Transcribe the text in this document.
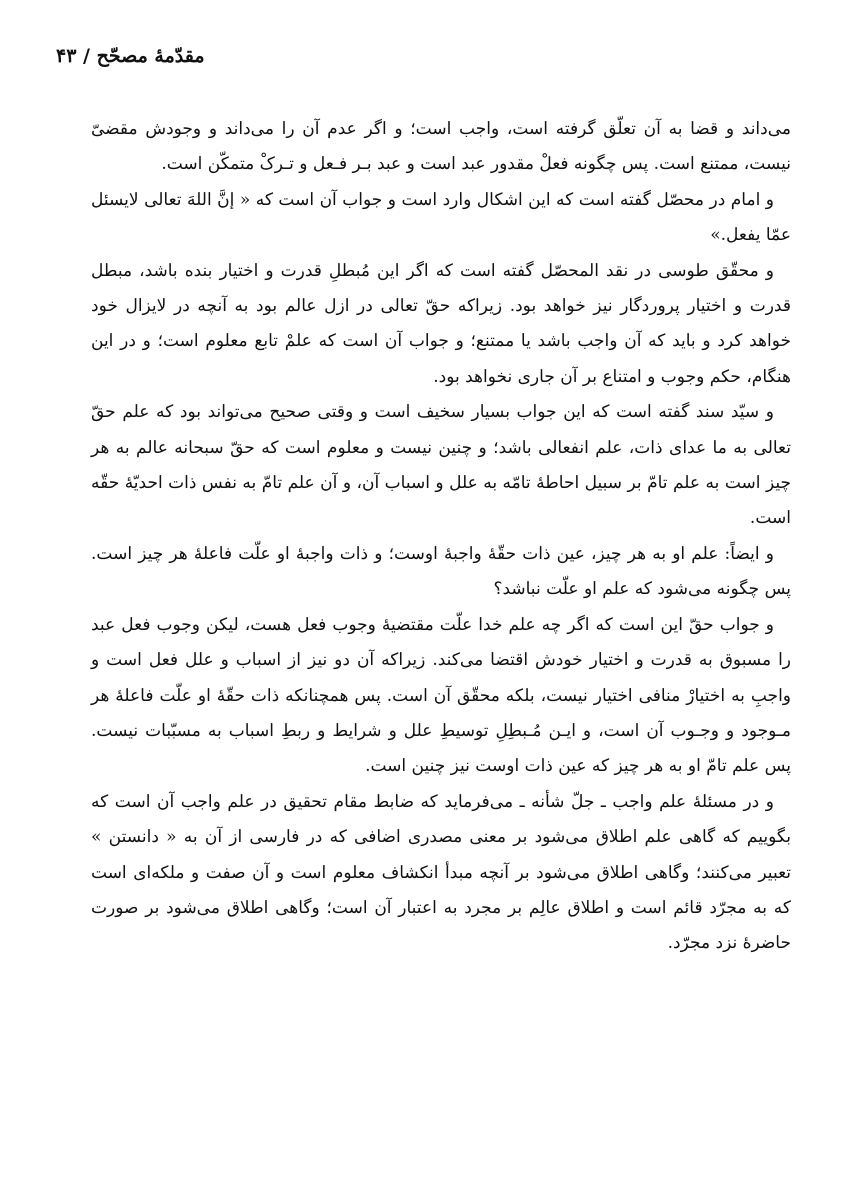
مقدّمهٔ مصحّح / ۴۳

می‌داند و قضا به آن تعلّق گرفته است، واجب است؛ و اگر عدم آن را می‌داند و وجودش مقضیّ نیست، ممتنع است. پس چگونه فعلْ مقدور عبد است و عبد بـر فـعل و تـرکْ متمکّن است.

و امام در محصّل گفته است که این اشکال وارد است و جواب آن است که « إنَّ اللهَ تعالی لایسئل عمّا یفعل.»

و محقّق طوسی در نقد المحصّل گفته است که اگر این مُبطلِ قدرت و اختیار بنده باشد، مبطل قدرت و اختیار پروردگار نیز خواهد بود. زیراکه حقّ تعالی در ازل عالم بود به آنچه در لایزال خود خواهد کرد و باید که آن واجب باشد یا ممتنع؛ و جواب آن است که علمْ تابع معلوم است؛ و در این هنگام، حکم وجوب و امتناع بر آن جاری نخواهد بود.

و سیّد سند گفته است که این جواب بسیار سخیف است و وقتی صحیح می‌تواند بود که علم حقّ تعالی به ما عدای ذات، علم انفعالی باشد؛ و چنین نیست و معلوم است که حقّ سبحانه عالم به هر چیز است به علم تامّ بر سبیل احاطهٔ تامّه به علل و اسباب آن، و آن علم تامّ به نفس ذات احدیّهٔ حقّه است.

و ایضاً: علم او به هر چیز، عین ذات حقّهٔ واجبهٔ اوست؛ و ذات واجبهٔ او علّت فاعلهٔ هر چیز است. پس چگونه می‌شود که علم او علّت نباشد؟

و جواب حقّ این است که اگر چه علم خدا علّت مقتضیهٔ وجوب فعل هست، لیکن وجوب فعل عبد را مسبوق به قدرت و اختیار خودش اقتضا می‌کند. زیراکه آن دو نیز از اسباب و علل فعل است و واجبِ به اختیارْ منافی اختیار نیست، بلکه محقّق آن است. پس همچنانکه ذات حقّهٔ او علّت فاعلهٔ هر مـوجود و وجـوب آن است، و ایـن مُـبطِلِ توسیطِ علل و شرایط و ربطِ اسباب به مسبّبات نیست. پس علم تامّ او به هر چیز که عین ذات اوست نیز چنین است.

و در مسئلهٔ علم واجب ـ جلّ شأنه ـ می‌فرماید که ضابط مقام تحقیق در علم واجب آن است که بگوییم که گاهی علم اطلاق می‌شود بر معنی مصدری اضافی که در فارسی از آن به « دانستن » تعبیر می‌کنند؛ وگاهی اطلاق می‌شود بر آنچه مبدأ انکشاف معلوم است و آن صفت و ملکه‌ای است که به مجرّد قائم است و اطلاق عالِم بر مجرد به اعتبار آن است؛ وگاهی اطلاق می‌شود بر صورت حاضرهٔ نزد مجرّد.
